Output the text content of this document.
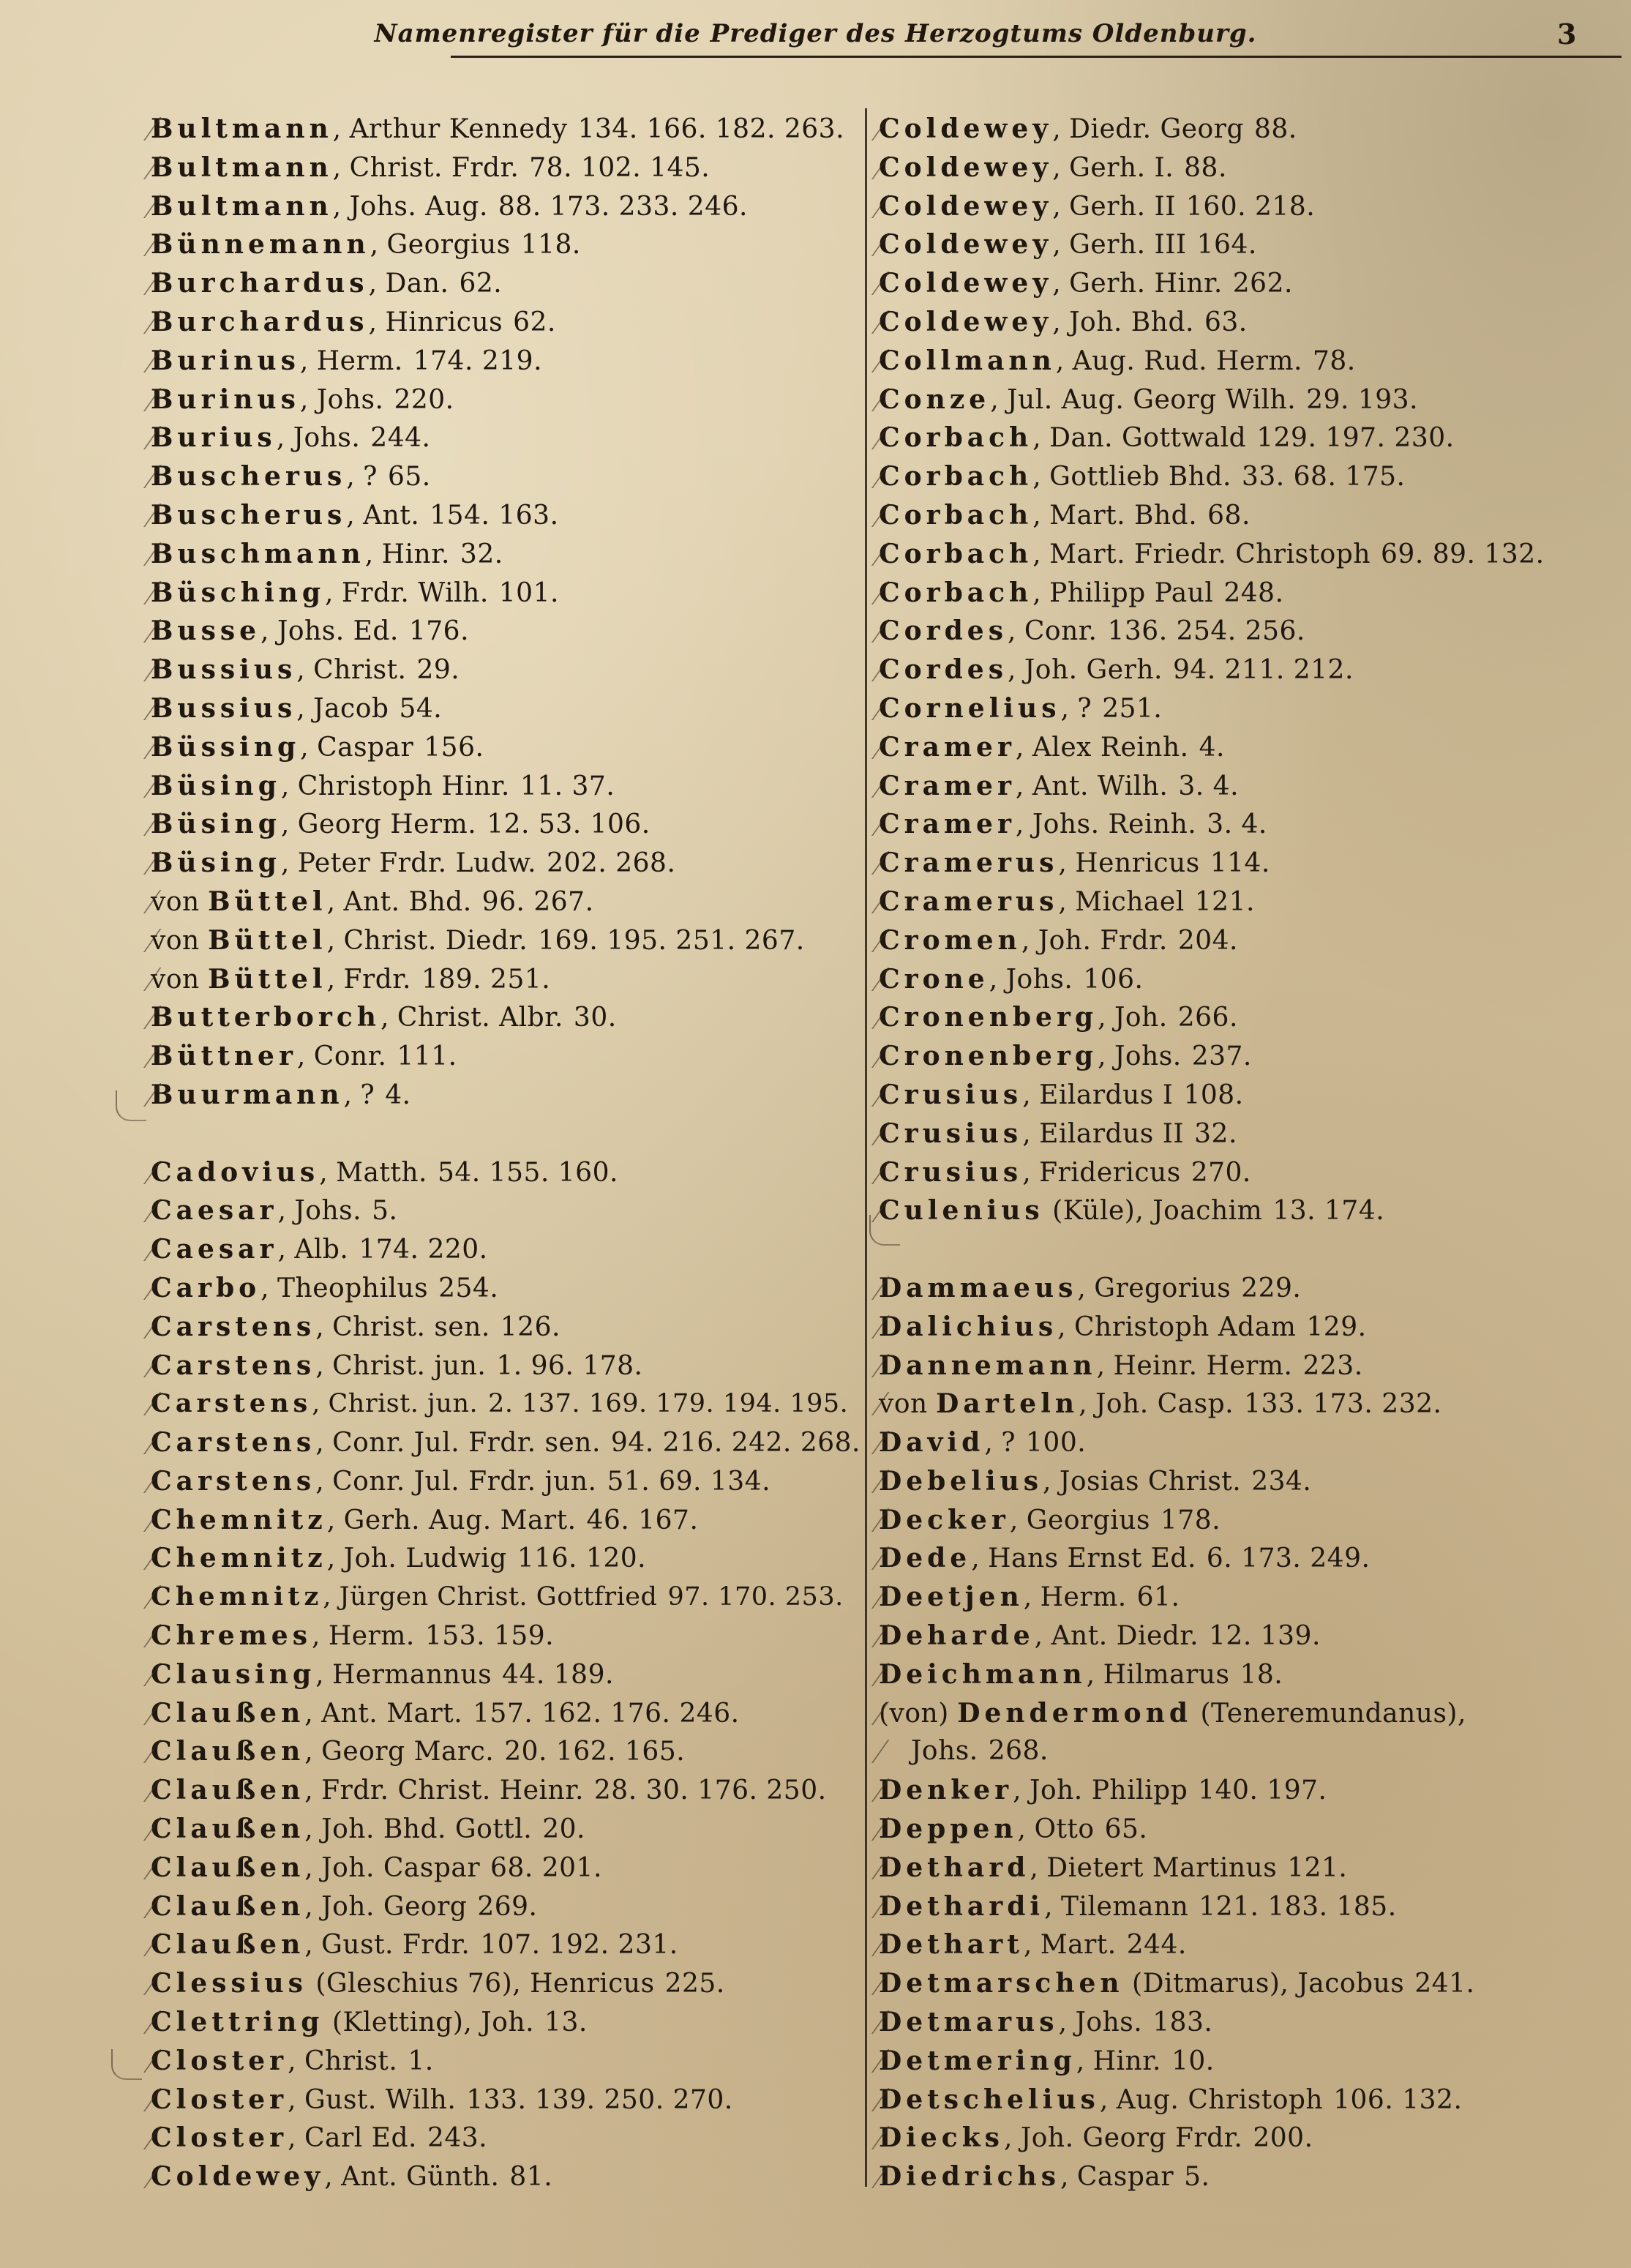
Namenregister für die Prediger des Herzogtums Oldenburg.	3
Bultmann, Arthur Kennedy 134. 166. 182. 263.
Bultmann, Christ. Frdr. 78. 102. 145.
Bultmann, Johs. Aug. 88. 173. 233. 246.
Bünnemann, Georgius 118.
Burchardus, Dan. 62.
Burchardus, Hinricus 62.
Burinus, Herm. 174. 219.
Burinus, Johs. 220.
Burius, Johs. 244.
Buscherus, ? 65.
Buscherus, Ant. 154. 163.
Buschmann, Hinr. 32.
Büsching, Frdr. Wilh. 101.
Busse, Johs. Ed. 176.
Bussius, Christ. 29.
Bussius, Jacob 54.
Büssing, Caspar 156.
Büsing, Christoph Hinr. 11. 37.
Büsing, Georg Herm. 12. 53. 106.
Büsing, Peter Frdr. Ludw. 202. 268.
von Büttel, Ant. Bhd. 96. 267.
von Büttel, Christ. Diedr. 169. 195. 251. 267.
von Büttel, Frdr. 189. 251.
Butterborch, Christ. Albr. 30.
Büttner, Conr. 111.
Buurmann, ? 4.
Cadovius, Matth. 54. 155. 160.
Caesar, Johs. 5.
Caesar, Alb. 174. 220.
Carbo, Theophilus 254.
Carstens, Christ. sen. 126.
Carstens, Christ. jun. 1. 96. 178.
Carstens, Christ. jun. 2. 137. 169. 179. 194. 195.
Carstens, Conr. Jul. Frdr. sen. 94. 216. 242. 268.
Carstens, Conr. Jul. Frdr. jun. 51. 69. 134.
Chemnitz, Gerh. Aug. Mart. 46. 167.
Chemnitz, Joh. Ludwig 116. 120.
Chemnitz, Jürgen Christ. Gottfried 97. 170. 253.
Chremes, Herm. 153. 159.
Clausing, Hermannus 44. 189.
Claußen, Ant. Mart. 157. 162. 176. 246.
Claußen, Georg Marc. 20. 162. 165.
Claußen, Frdr. Christ. Heinr. 28. 30. 176. 250.
Claußen, Joh. Bhd. Gottl. 20.
Claußen, Joh. Caspar 68. 201.
Claußen, Joh. Georg 269.
Claußen, Gust. Frdr. 107. 192. 231.
Clessius (Gleschius 76), Henricus 225.
Clettring (Kletting), Joh. 13.
Closter, Christ. 1.
Closter, Gust. Wilh. 133. 139. 250. 270.
Closter, Carl Ed. 243.
Coldewey, Ant. Günth. 81.
Coldewey, Diedr. Georg 88.
Coldewey, Gerh. I. 88.
Coldewey, Gerh. II 160. 218.
Coldewey, Gerh. III 164.
Coldewey, Gerh. Hinr. 262.
Coldewey, Joh. Bhd. 63.
Collmann, Aug. Rud. Herm. 78.
Conze, Jul. Aug. Georg Wilh. 29. 193.
Corbach, Dan. Gottwald 129. 197. 230.
Corbach, Gottlieb Bhd. 33. 68. 175.
Corbach, Mart. Bhd. 68.
Corbach, Mart. Friedr. Christoph 69. 89. 132.
Corbach, Philipp Paul 248.
Cordes, Conr. 136. 254. 256.
Cordes, Joh. Gerh. 94. 211. 212.
Cornelius, ? 251.
Cramer, Alex Reinh. 4.
Cramer, Ant. Wilh. 3. 4.
Cramer, Johs. Reinh. 3. 4.
Cramerus, Henricus 114.
Cramerus, Michael 121.
Cromen, Joh. Frdr. 204.
Crone, Johs. 106.
Cronenberg, Joh. 266.
Cronenberg, Johs. 237.
Crusius, Eilardus I 108.
Crusius, Eilardus II 32.
Crusius, Fridericus 270.
Culenius (Küle), Joachim 13. 174.
Dammaeus, Gregorius 229.
Dalichius, Christoph Adam 129.
Dannemann, Heinr. Herm. 223.
von Darteln, Joh. Casp. 133. 173. 232.
David, ? 100.
Debelius, Josias Christ. 234.
Decker, Georgius 178.
Dede, Hans Ernst Ed. 6. 173. 249.
Deetjen, Herm. 61.
Deharde, Ant. Diedr. 12. 139.
Deichmann, Hilmarus 18.
(von) Dendermond (Teneremundanus),
Johs. 268.
Denker, Joh. Philipp 140. 197.
Deppen, Otto 65.
Dethard, Dietert Martinus 121.
Dethardi, Tilemann 121. 183. 185.
Dethart, Mart. 244.
Detmarschen (Ditmarus), Jacobus 241.
Detmarus, Johs. 183.
Detmering, Hinr. 10.
Detschelius, Aug. Christoph 106. 132.
Diecks, Joh. Georg Frdr. 200.
Diedrichs, Caspar 5.
